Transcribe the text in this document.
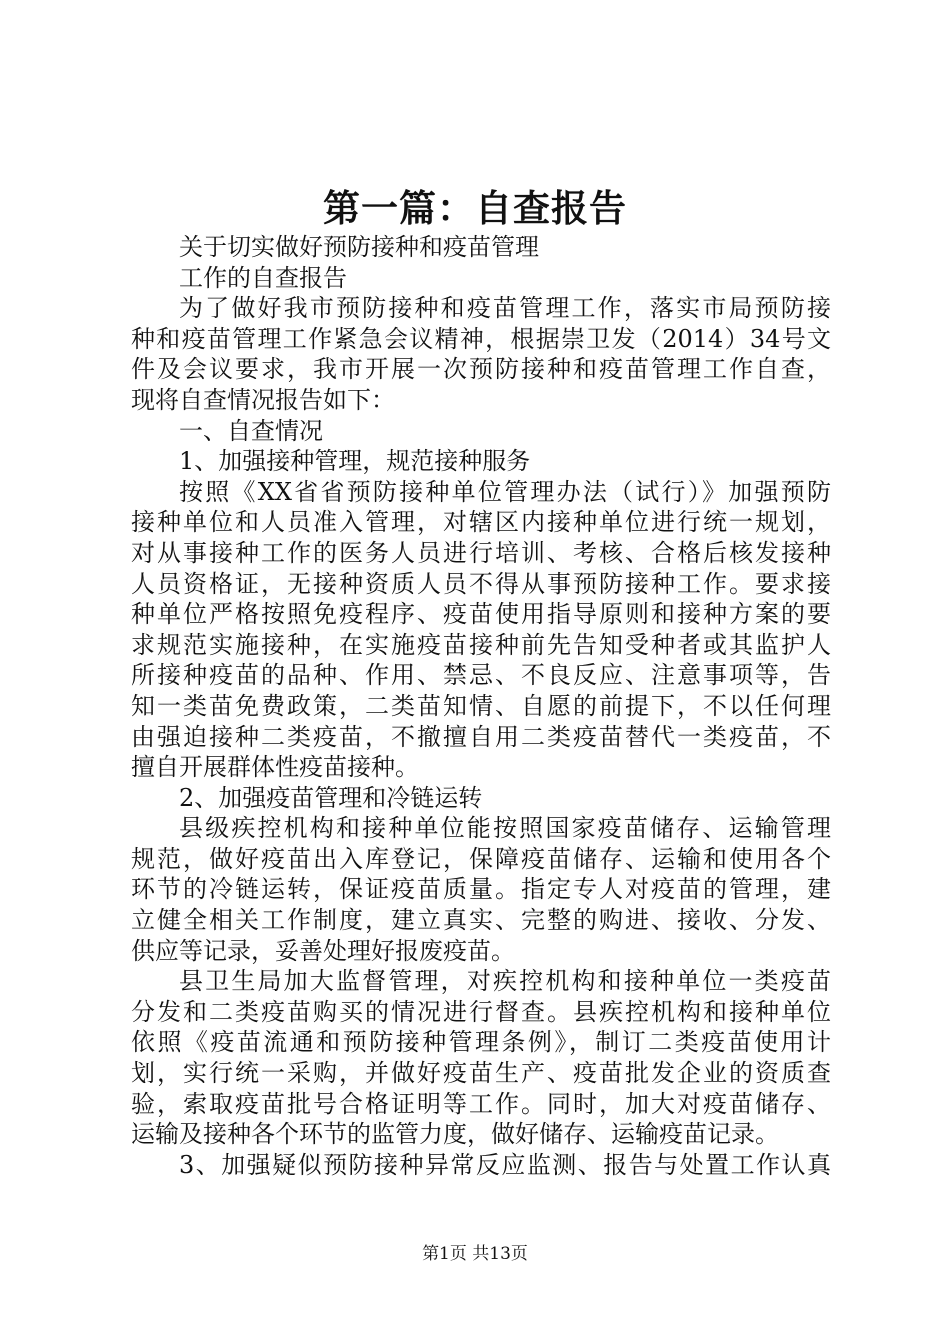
第一篇：自查报告
关于切实做好预防接种和疫苗管理
工作的自查报告
为了做好我市预防接种和疫苗管理工作，落实市局预防接
种和疫苗管理工作紧急会议精神，根据崇卫发（2014）34号文
件及会议要求，我市开展一次预防接种和疫苗管理工作自查，
现将自查情况报告如下：
一、自查情况
1、加强接种管理，规范接种服务
按照《XX省省预防接种单位管理办法（试行）》加强预防
接种单位和人员准入管理，对辖区内接种单位进行统一规划，
对从事接种工作的医务人员进行培训、考核、合格后核发接种
人员资格证，无接种资质人员不得从事预防接种工作。要求接
种单位严格按照免疫程序、疫苗使用指导原则和接种方案的要
求规范实施接种，在实施疫苗接种前先告知受种者或其监护人
所接种疫苗的品种、作用、禁忌、不良反应、注意事项等，告
知一类苗免费政策，二类苗知情、自愿的前提下，不以任何理
由强迫接种二类疫苗，不撤擅自用二类疫苗替代一类疫苗，不
擅自开展群体性疫苗接种。
2、加强疫苗管理和冷链运转
县级疾控机构和接种单位能按照国家疫苗储存、运输管理
规范，做好疫苗出入库登记，保障疫苗储存、运输和使用各个
环节的冷链运转，保证疫苗质量。指定专人对疫苗的管理，建
立健全相关工作制度，建立真实、完整的购进、接收、分发、
供应等记录，妥善处理好报废疫苗。
县卫生局加大监督管理，对疾控机构和接种单位一类疫苗
分发和二类疫苗购买的情况进行督查。县疾控机构和接种单位
依照《疫苗流通和预防接种管理条例》，制订二类疫苗使用计
划，实行统一采购，并做好疫苗生产、疫苗批发企业的资质查
验，索取疫苗批号合格证明等工作。同时，加大对疫苗储存、
运输及接种各个环节的监管力度，做好储存、运输疫苗记录。
3、加强疑似预防接种异常反应监测、报告与处置工作认真
第1页 共13页
